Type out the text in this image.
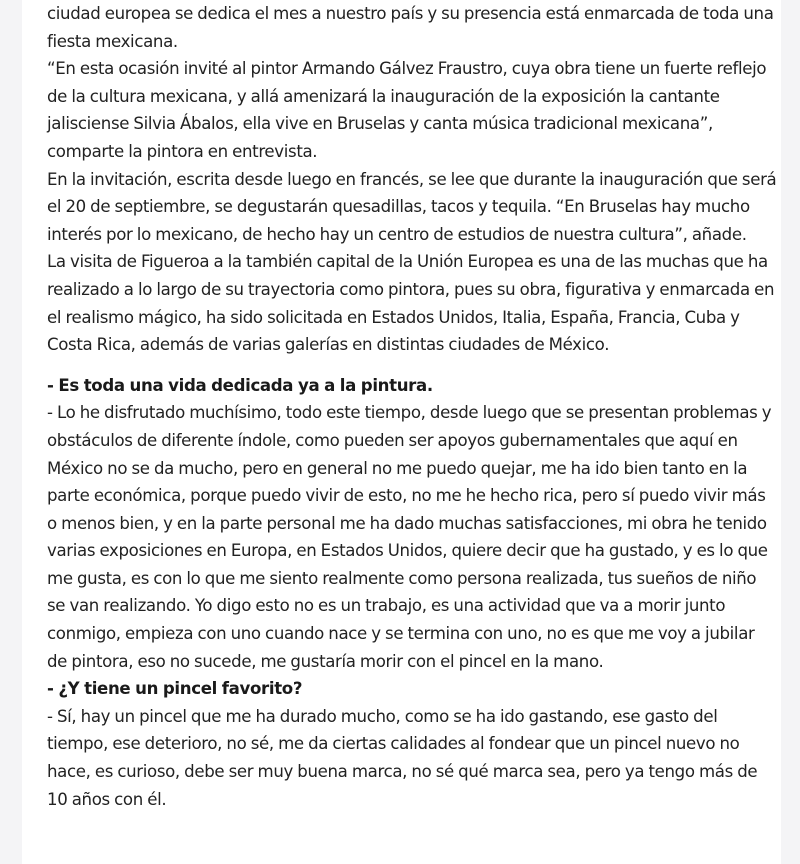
ciudad europea se dedica el mes a nuestro país y su presencia está enmarcada de toda una fiesta mexicana.

“En esta ocasión invité al pintor Armando Gálvez Fraustro, cuya obra tiene un fuerte reflejo de la cultura mexicana, y allá amenizará la inauguración de la exposición la cantante jalisciense Silvia Ábalos, ella vive en Bruselas y canta música tradicional mexicana”, comparte la pintora en entrevista.

En la invitación, escrita desde luego en francés, se lee que durante la inauguración que será el 20 de septiembre, se degustarán quesadillas, tacos y tequila. “En Bruselas hay mucho interés por lo mexicano, de hecho hay un centro de estudios de nuestra cultura”, añade.

La visita de Figueroa a la también capital de la Unión Europea es una de las muchas que ha realizado a lo largo de su trayectoria como pintora, pues su obra, figurativa y enmarcada en el realismo mágico, ha sido solicitada en Estados Unidos, Italia, España, Francia, Cuba y Costa Rica, además de varias galerías en distintas ciudades de México.

- Es toda una vida dedicada ya a la pintura.

- Lo he disfrutado muchísimo, todo este tiempo, desde luego que se presentan problemas y obstáculos de diferente índole, como pueden ser apoyos gubernamentales que aquí en México no se da mucho, pero en general no me puedo quejar, me ha ido bien tanto en la parte económica, porque puedo vivir de esto, no me he hecho rica, pero sí puedo vivir más o menos bien, y en la parte personal me ha dado muchas satisfacciones, mi obra he tenido varias exposiciones en Europa, en Estados Unidos, quiere decir que ha gustado, y es lo que me gusta, es con lo que me siento realmente como persona realizada, tus sueños de niño se van realizando. Yo digo esto no es un trabajo, es una actividad que va a morir junto conmigo, empieza con uno cuando nace y se termina con uno, no es que me voy a jubilar de pintora, eso no sucede, me gustaría morir con el pincel en la mano.

- ¿Y tiene un pincel favorito?

- Sí, hay un pincel que me ha durado mucho, como se ha ido gastando, ese gasto del tiempo, ese deterioro, no sé, me da ciertas calidades al fondear que un pincel nuevo no hace, es curioso, debe ser muy buena marca, no sé qué marca sea, pero ya tengo más de 10 años con él.
